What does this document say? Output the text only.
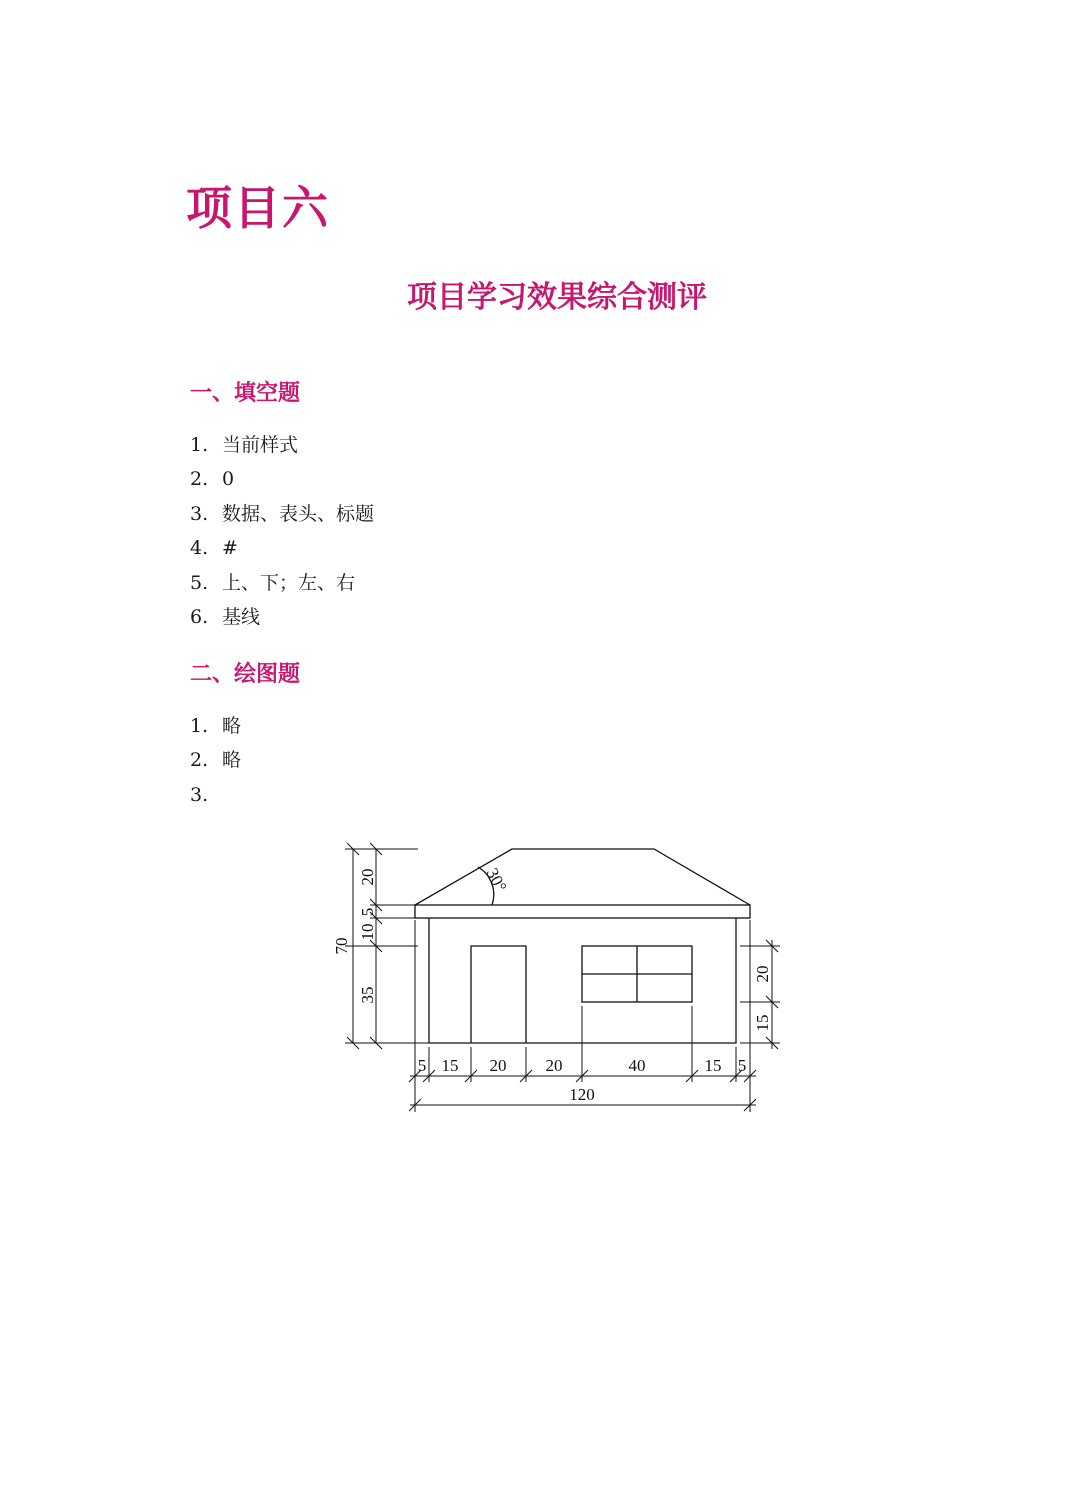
项目六
项目学习效果综合测评
一、填空题
1. 当前样式
2. 0
3. 数据、表头、标题
4. #
5. 上、下；左、右
6. 基线
二、绘图题
1. 略
2. 略
3.
30°
70
20
5
10
35
20
15
5 15 20 20	40	15 5
120
